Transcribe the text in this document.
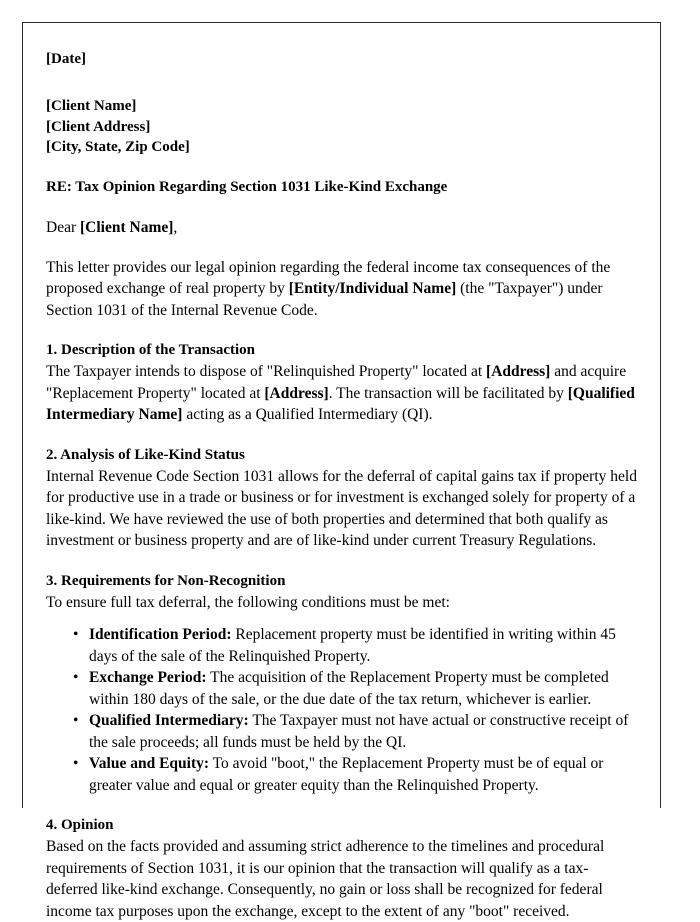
[Date]
[Client Name]
[Client Address]
[City, State, Zip Code]
RE: Tax Opinion Regarding Section 1031 Like-Kind Exchange
Dear [Client Name],

This letter provides our legal opinion regarding the federal income tax consequences of the proposed exchange of real property by [Entity/Individual Name] (the "Taxpayer") under Section 1031 of the Internal Revenue Code.

1. Description of the Transaction

The Taxpayer intends to dispose of "Relinquished Property" located at [Address] and acquire "Replacement Property" located at [Address]. The transaction will be facilitated by [Qualified Intermediary Name] acting as a Qualified Intermediary (QI).

2. Analysis of Like-Kind Status

Internal Revenue Code Section 1031 allows for the deferral of capital gains tax if property held for productive use in a trade or business or for investment is exchanged solely for property of a like-kind. We have reviewed the use of both properties and determined that both qualify as investment or business property and are of like-kind under current Treasury Regulations.

3. Requirements for Non-Recognition

To ensure full tax deferral, the following conditions must be met:

• Identification Period: Replacement property must be identified in writing within 45 days of the sale of the Relinquished Property.
• Exchange Period: The acquisition of the Replacement Property must be completed within 180 days of the sale, or the due date of the tax return, whichever is earlier.
• Qualified Intermediary: The Taxpayer must not have actual or constructive receipt of the sale proceeds; all funds must be held by the QI.
• Value and Equity: To avoid "boot," the Replacement Property must be of equal or greater value and equal or greater equity than the Relinquished Property.
4. Opinion

Based on the facts provided and assuming strict adherence to the timelines and procedural requirements of Section 1031, it is our opinion that the transaction will qualify as a tax-deferred like-kind exchange. Consequently, no gain or loss shall be recognized for federal income tax purposes upon the exchange, except to the extent of any "boot" received.
